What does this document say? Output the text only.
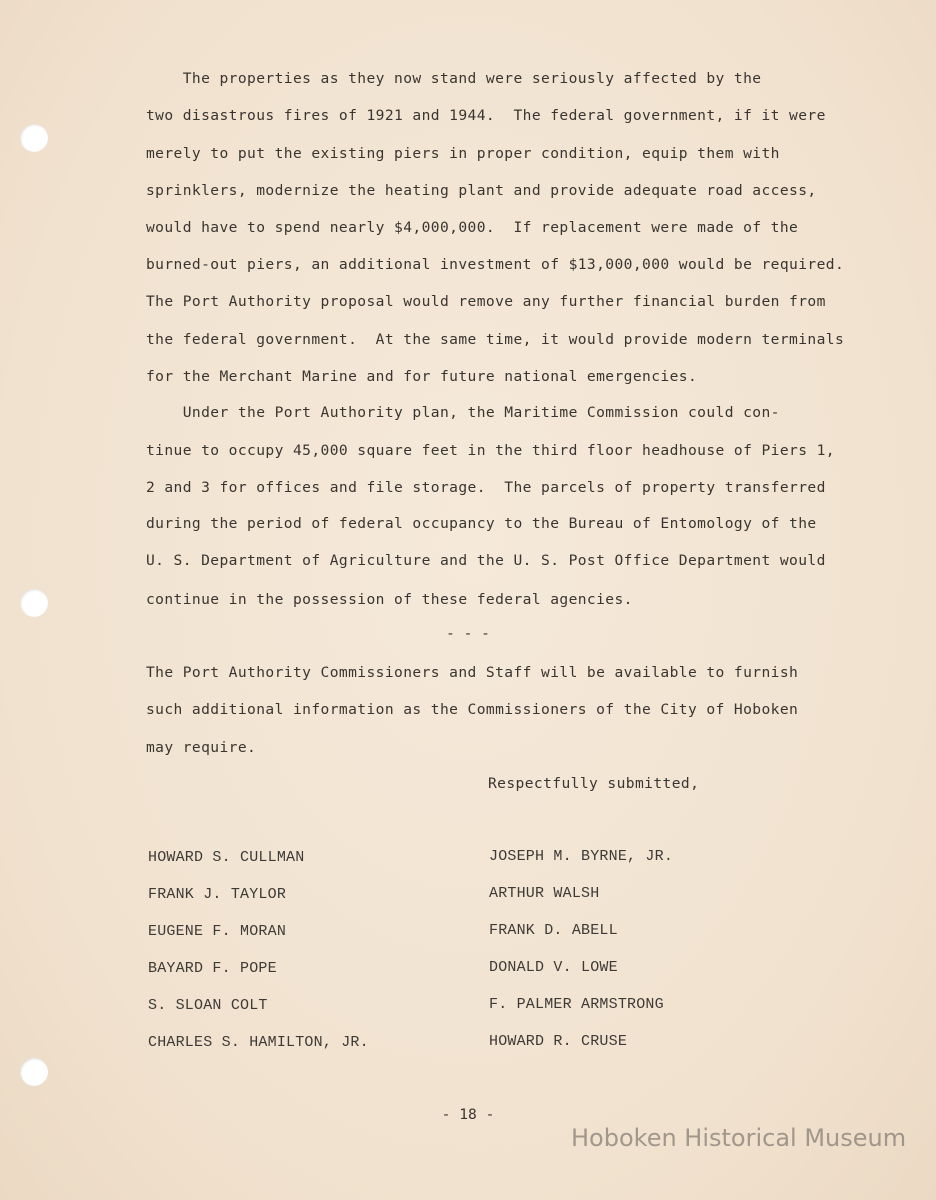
The properties as they now stand were seriously affected by the
two disastrous fires of 1921 and 1944.  The federal government, if it were
merely to put the existing piers in proper condition, equip them with
sprinklers, modernize the heating plant and provide adequate road access,
would have to spend nearly $4,000,000.  If replacement were made of the
burned-out piers, an additional investment of $13,000,000 would be required.
The Port Authority proposal would remove any further financial burden from
the federal government.  At the same time, it would provide modern terminals
for the Merchant Marine and for future national emergencies.
Under the Port Authority plan, the Maritime Commission could con-
tinue to occupy 45,000 square feet in the third floor headhouse of Piers 1,
2 and 3 for offices and file storage.  The parcels of property transferred
during the period of federal occupancy to the Bureau of Entomology of the
U. S. Department of Agriculture and the U. S. Post Office Department would
continue in the possession of these federal agencies.
- - -
The Port Authority Commissioners and Staff will be available to furnish
such additional information as the Commissioners of the City of Hoboken
may require.
Respectfully submitted,
HOWARD S. CULLMAN
FRANK J. TAYLOR
EUGENE F. MORAN
BAYARD F. POPE
S. SLOAN COLT
CHARLES S. HAMILTON, JR.
JOSEPH M. BYRNE, JR.
ARTHUR WALSH
FRANK D. ABELL
DONALD V. LOWE
F. PALMER ARMSTRONG
HOWARD R. CRUSE
- 18 -
Hoboken Historical Museum
